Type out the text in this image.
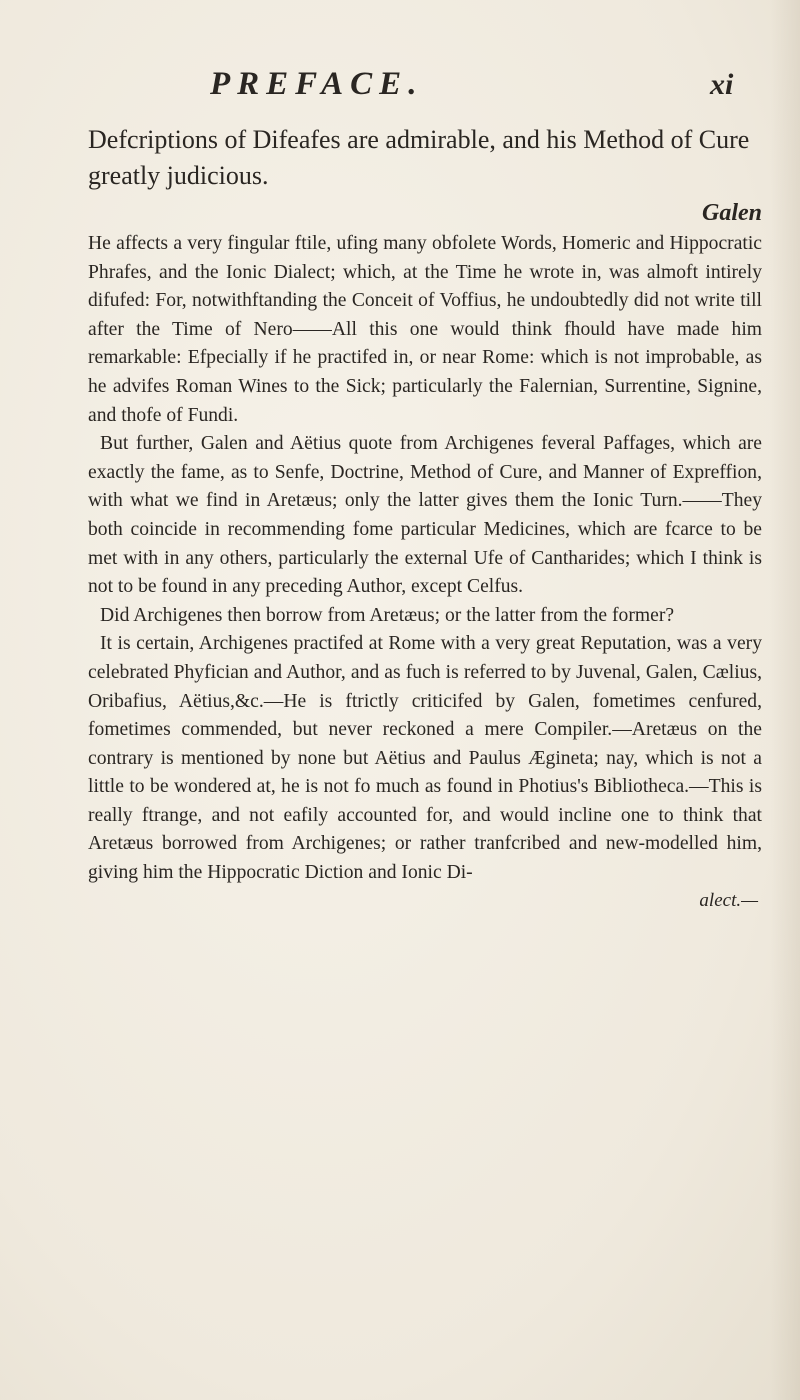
PREFACE.	xi

Defcriptions of Difeafes are admirable, and his Method of Cure greatly judicious.

Galen

He affects a very fingular ftile, ufing many obfolete Words, Homeric and Hippocratic Phrafes, and the Ionic Dialect; which, at the Time he wrote in, was almoft intirely difufed: For, notwithftanding the Conceit of Voffius, he undoubtedly did not write till after the Time of Nero——All this one would think fhould have made him remarkable: Efpecially if he practifed in, or near Rome: which is not improbable, as he advifes Roman Wines to the Sick; particularly the Falernian, Surrentine, Signine, and thofe of Fundi.

But further, Galen and Aëtius quote from Archigenes feveral Paffages, which are exactly the fame, as to Senfe, Doctrine, Method of Cure, and Manner of Expreffion, with what we find in Aretæus; only the latter gives them the Ionic Turn.——They both coincide in recommending fome particular Medicines, which are fcarce to be met with in any others, particularly the external Ufe of Cantharides; which I think is not to be found in any preceding Author, except Celfus.

Did Archigenes then borrow from Aretæus; or the latter from the former?

It is certain, Archigenes practifed at Rome with a very great Reputation, was a very celebrated Phyfician and Author, and as fuch is referred to by Juvenal, Galen, Cælius, Oribafius, Aëtius,&c.—He is ftrictly criticifed by Galen, fometimes cenfured, fometimes commended, but never reckoned a mere Compiler.—Aretæus on the contrary is mentioned by none but Aëtius and Paulus Ægineta; nay, which is not a little to be wondered at, he is not fo much as found in Photius's Bibliotheca.—This is really ftrange, and not eafily accounted for, and would incline one to think that Aretæus borrowed from Archigenes; or rather tranfcribed and new-modelled him, giving him the Hippocratic Diction and Ionic Di-

alect.—
